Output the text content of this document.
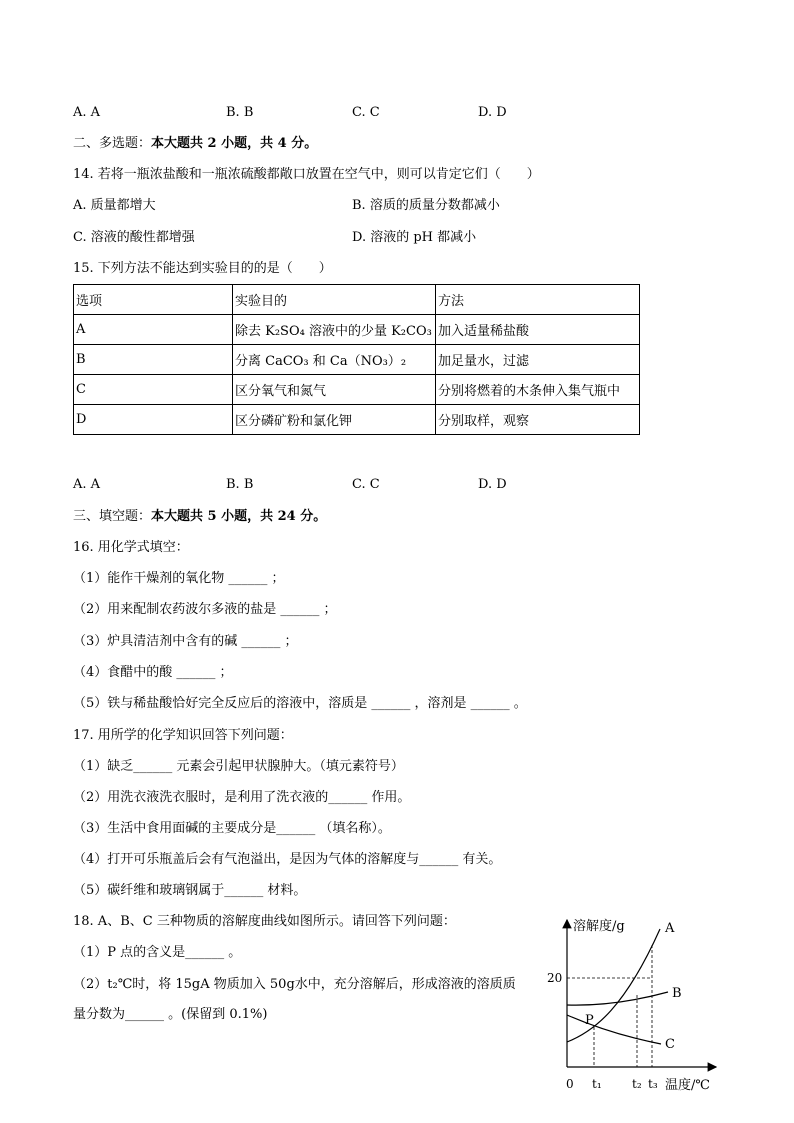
A. A	B. B	C. C	D. D
二、多选题：本大题共 2 小题，共 4 分。
14. 若将一瓶浓盐酸和一瓶浓硫酸都敞口放置在空气中，则可以肯定它们（　　）
A. 质量都增大	B. 溶质的质量分数都减小
C. 溶液的酸性都增强	D. 溶液的 pH 都减小
15. 下列方法不能达到实验目的的是（　　）
选项	实验目的	方法
A	除去 K₂SO₄ 溶液中的少量 K₂CO₃	加入适量稀盐酸
B	分离 CaCO₃ 和 Ca（NO₃）₂	加足量水，过滤
C	区分氧气和氮气	分别将燃着的木条伸入集气瓶中
D	区分磷矿粉和氯化钾	分别取样，观察
A. A	B. B	C. C	D. D
三、填空题：本大题共 5 小题，共 24 分。
16. 用化学式填空：
（1）能作干燥剂的氧化物 ______ ；
（2）用来配制农药波尔多液的盐是 ______ ；
（3）炉具清洁剂中含有的碱 ______ ；
（4）食醋中的酸 ______ ；
（5）铁与稀盐酸恰好完全反应后的溶液中，溶质是 ______ ，溶剂是 ______ 。
17. 用所学的化学知识回答下列问题：
（1）缺乏______ 元素会引起甲状腺肿大。（填元素符号）
（2）用洗衣液洗衣服时，是利用了洗衣液的______ 作用。
（3）生活中食用面碱的主要成分是______ （填名称）。
（4）打开可乐瓶盖后会有气泡溢出，是因为气体的溶解度与______ 有关。
（5）碳纤维和玻璃钢属于______ 材料。
18. A、B、C 三种物质的溶解度曲线如图所示。请回答下列问题：
（1）P 点的含义是______ 。
（2）t₂℃时，将 15gA 物质加入 50g水中，充分溶解后，形成溶液的溶质质
量分数为______ 。(保留到 0.1%)
溶解度/g
温度/℃
0
20
t₁	t₂ t₃
A
B
C
P
